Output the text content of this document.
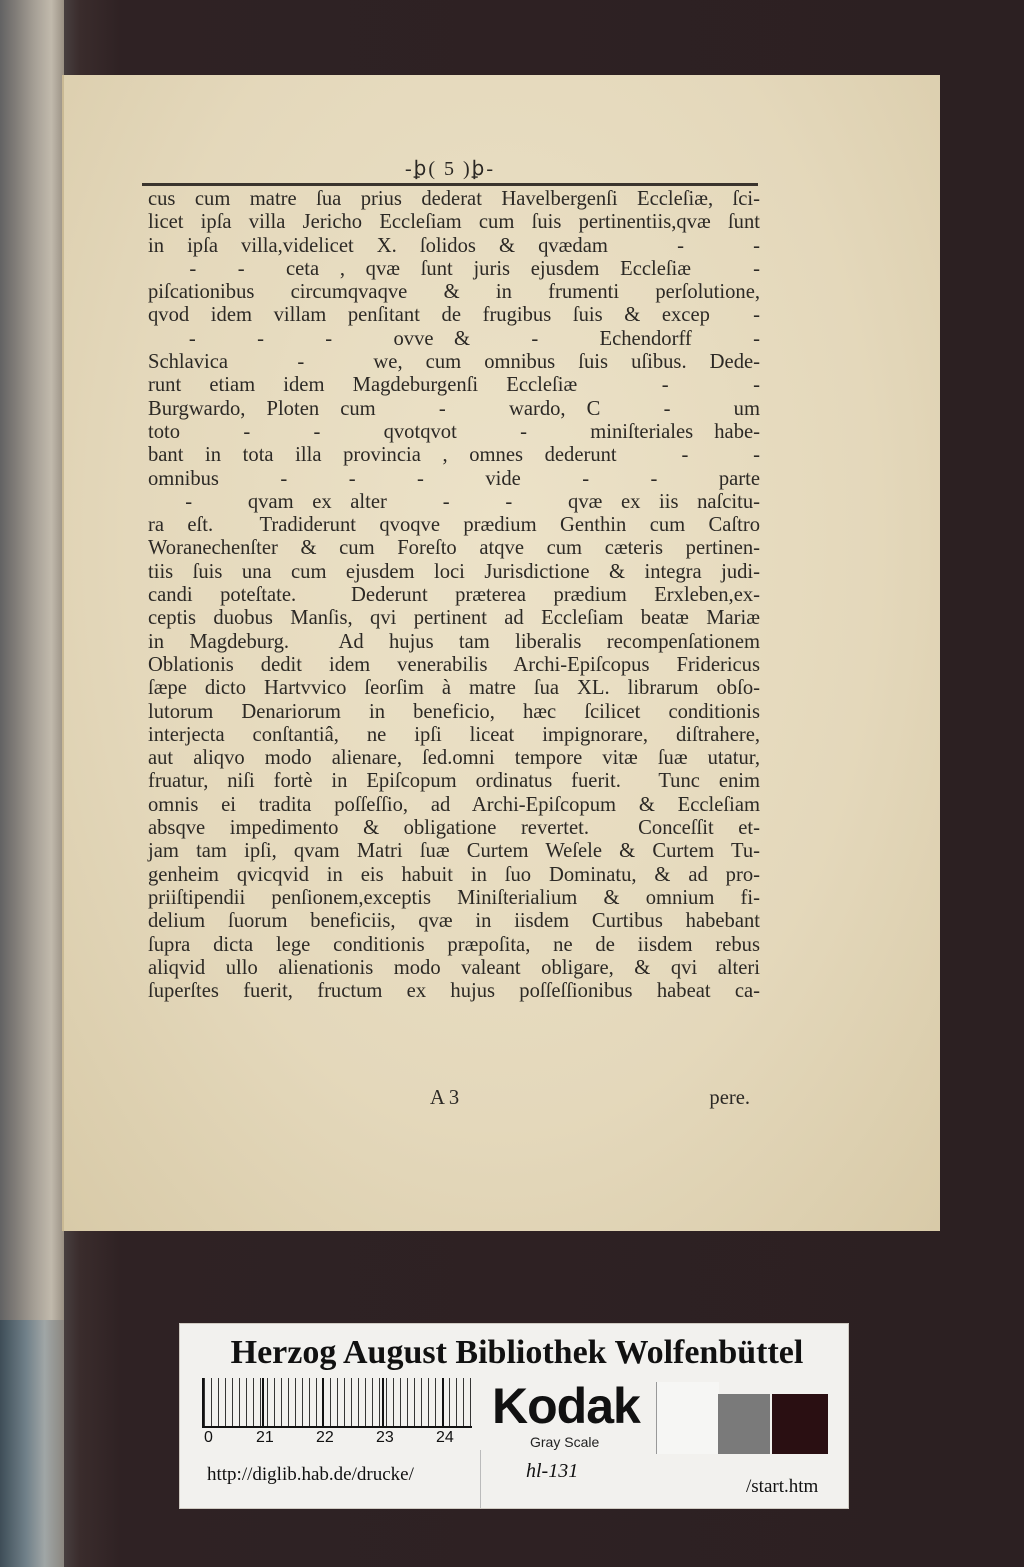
-ꝧ( 5 )ꝧ-
cus cum matre ſua prius dederat Havelbergenſi Eccleſiæ, ſci-
licet ipſa villa Jericho Eccleſiam cum ſuis pertinentiis,qvæ ſunt
in ipſa villa,videlicet X. ſolidos & qvædam   -   -
-  -  ceta , qvæ ſunt juris ejusdem Eccleſiæ   -
piſcationibus circumqvaqve & in frumenti perſolutione,
qvod idem villam penſitant de frugibus ſuis & excep  -
-   -   -   ovve &   -   Echendorff   -
Schlavica   -   we, cum omnibus ſuis uſibus. Dede-
runt etiam idem Magdeburgenſi Eccleſiæ   -   -
Burgwardo, Ploten cum   -   wardo, C   -   um
toto   -   -   qvotqvot   -   miniſteriales habe-
bant in tota illa provincia , omnes dederunt   -   -
omnibus   -   -   -   vide   -   -   parte
-   qvam ex alter   -   -   qvæ ex iis naſcitu-
ra eſt.  Tradiderunt qvoqve prædium Genthin cum Caſtro
Woranechenſter & cum Foreſto atqve cum cæteris pertinen-
tiis ſuis una cum ejusdem loci Jurisdictione & integra judi-
candi poteſtate.  Dederunt præterea prædium Erxleben,ex-
ceptis duobus Manſis, qvi pertinent ad Eccleſiam beatæ Mariæ
in Magdeburg.  Ad hujus tam liberalis recompenſationem
Oblationis dedit idem venerabilis Archi-Epiſcopus Fridericus
ſæpe dicto Hartvvico ſeorſim à matre ſua XL. librarum obſo-
lutorum Denariorum in beneficio, hæc ſcilicet conditionis
interjecta conſtantiâ, ne ipſi liceat impignorare, diſtrahere,
aut aliqvo modo alienare, ſed.omni tempore vitæ ſuæ utatur,
fruatur, niſi fortè in Epiſcopum ordinatus fuerit.  Tunc enim
omnis ei tradita poſſeſſio, ad Archi-Epiſcopum & Eccleſiam
absqve impedimento & obligatione revertet.  Conceſſit et-
jam tam ipſi, qvam Matri ſuæ Curtem Weſele & Curtem Tu-
genheim qvicqvid in eis habuit in ſuo Dominatu, & ad pro-
priiſtipendii penſionem,exceptis Miniſterialium & omnium fi-
delium ſuorum beneficiis, qvæ in iisdem Curtibus habebant
ſupra dicta lege conditionis præpoſita, ne de iisdem rebus
aliqvid ullo alienationis modo valeant obligare, & qvi alteri
ſuperſtes fuerit, fructum ex hujus poſſeſſionibus habeat ca-
A 3	pere.
Herzog August Bibliothek Wolfenbüttel
0	21	22	23	24
Kodak
Gray Scale
http://diglib.hab.de/drucke/	hl-131
/start.htm
